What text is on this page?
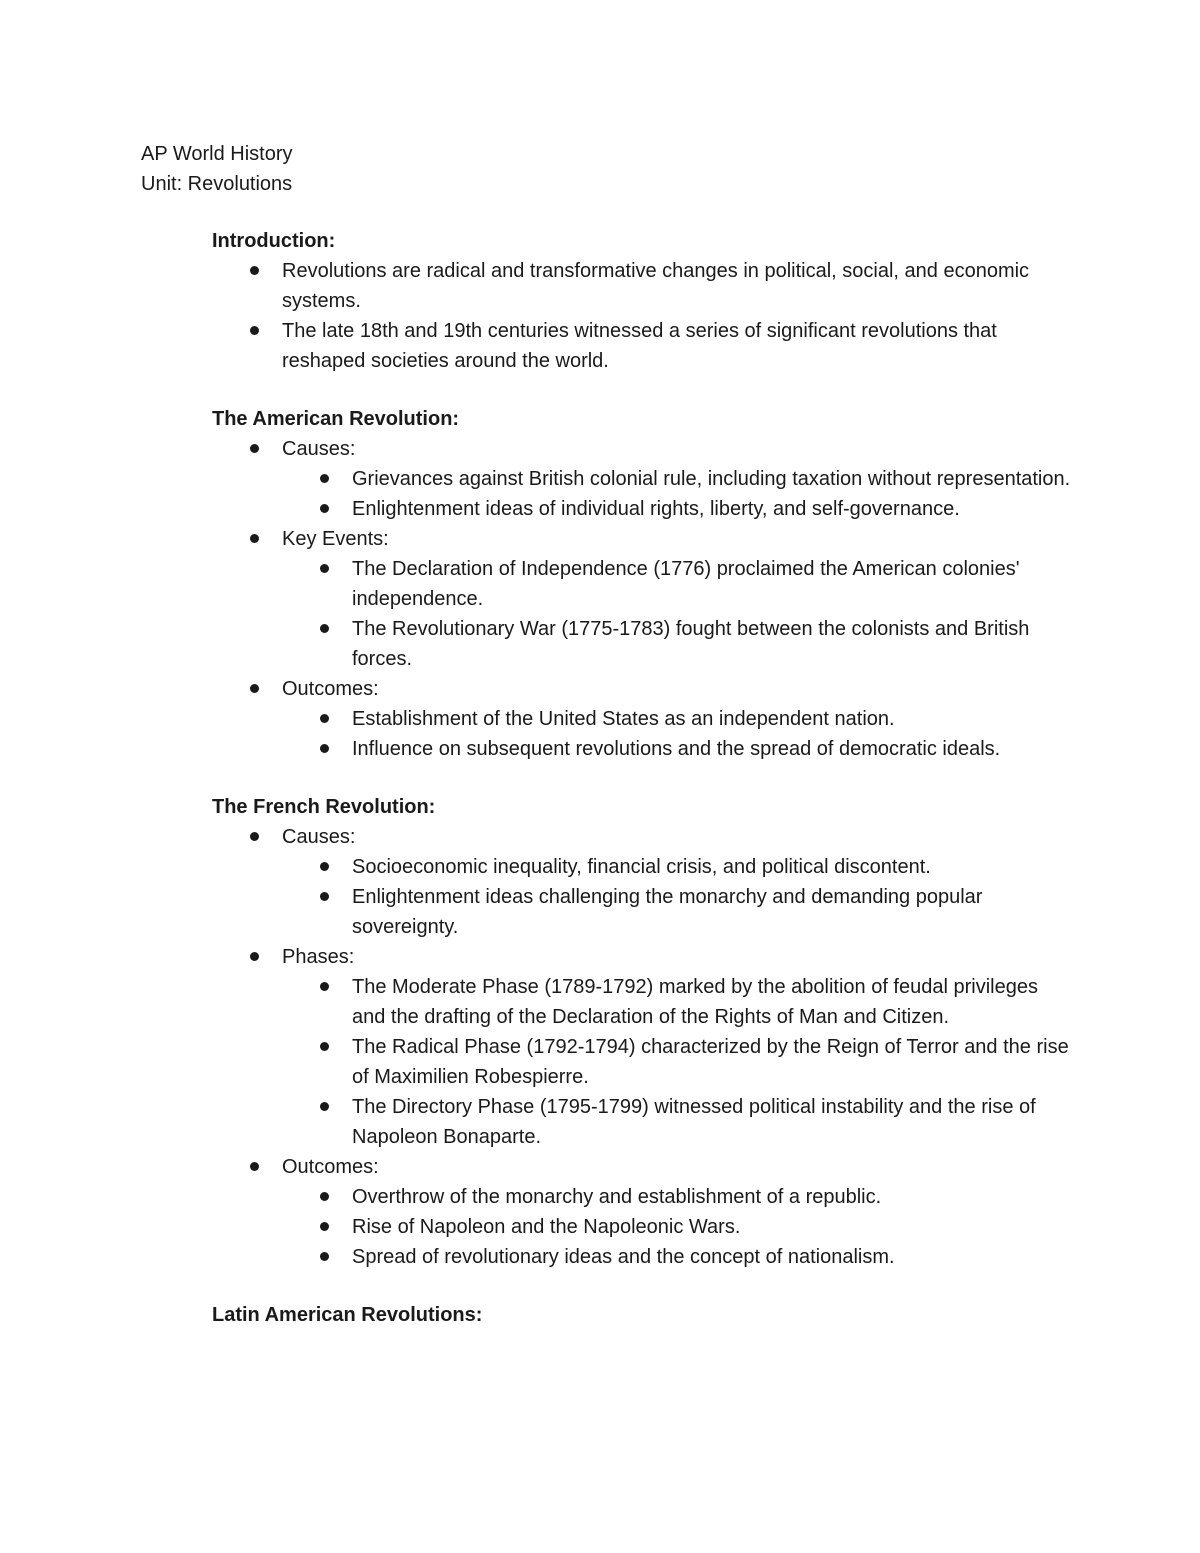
AP World History
Unit: Revolutions
Introduction:
Revolutions are radical and transformative changes in political, social, and economic systems.
The late 18th and 19th centuries witnessed a series of significant revolutions that reshaped societies around the world.
The American Revolution:
Causes:
Grievances against British colonial rule, including taxation without representation.
Enlightenment ideas of individual rights, liberty, and self-governance.
Key Events:
The Declaration of Independence (1776) proclaimed the American colonies' independence.
The Revolutionary War (1775-1783) fought between the colonists and British forces.
Outcomes:
Establishment of the United States as an independent nation.
Influence on subsequent revolutions and the spread of democratic ideals.
The French Revolution:
Causes:
Socioeconomic inequality, financial crisis, and political discontent.
Enlightenment ideas challenging the monarchy and demanding popular sovereignty.
Phases:
The Moderate Phase (1789-1792) marked by the abolition of feudal privileges and the drafting of the Declaration of the Rights of Man and Citizen.
The Radical Phase (1792-1794) characterized by the Reign of Terror and the rise of Maximilien Robespierre.
The Directory Phase (1795-1799) witnessed political instability and the rise of Napoleon Bonaparte.
Outcomes:
Overthrow of the monarchy and establishment of a republic.
Rise of Napoleon and the Napoleonic Wars.
Spread of revolutionary ideas and the concept of nationalism.
Latin American Revolutions:
